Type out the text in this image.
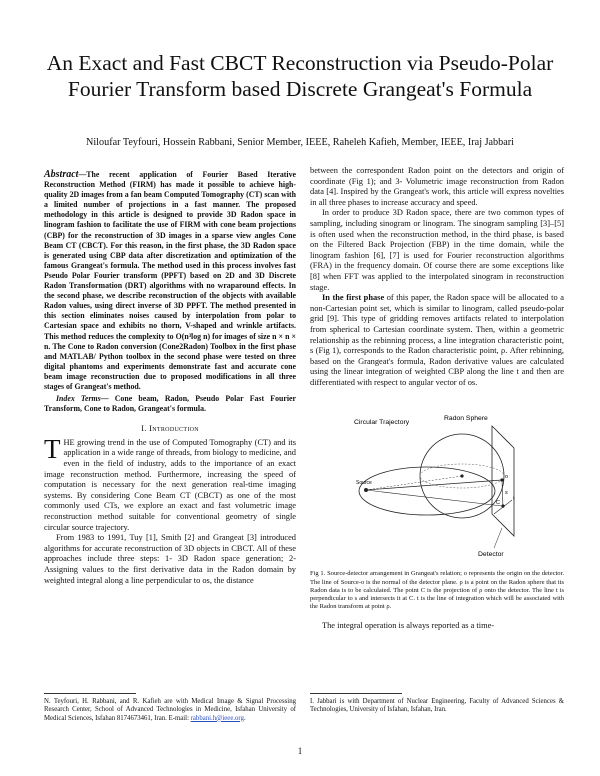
An Exact and Fast CBCT Reconstruction via Pseudo-Polar Fourier Transform based Discrete Grangeat's Formula
Niloufar Teyfouri, Hossein Rabbani, Senior Member, IEEE, Raheleh Kafieh, Member, IEEE, Iraj Jabbari

Abstract—The recent application of Fourier Based Iterative Reconstruction Method (FIRM) has made it possible to achieve high-quality 2D images from a fan beam Computed Tomography (CT) scan with a limited number of projections in a fast manner. The proposed methodology in this article is designed to provide 3D Radon space in linogram fashion to facilitate the use of FIRM with cone beam projections (CBP) for the reconstruction of 3D images in a sparse view angles Cone Beam CT (CBCT). For this reason, in the first phase, the 3D Radon space is generated using CBP data after discretization and optimization of the famous Grangeat's formula. The method used in this process involves fast Pseudo Polar Fourier transform (PPFT) based on 2D and 3D Discrete Radon Transformation (DRT) algorithms with no wraparound effects. In the second phase, we describe reconstruction of the objects with available Radon values, using direct inverse of 3D PPFT. The method presented in this section eliminates noises caused by interpolation from polar to Cartesian space and exhibits no thorn, V-shaped and wrinkle artifacts. This method reduces the complexity to O(n³log n) for images of size n × n × n. The Cone to Radon conversion (Cone2Radon) Toolbox in the first phase and MATLAB/ Python toolbox in the second phase were tested on three digital phantoms and experiments demonstrate fast and accurate cone beam image reconstruction due to proposed modifications in all three stages of Grangeat's method.

Index Terms— Cone beam, Radon, Pseudo Polar Fast Fourier Transform, Cone to Radon, Grangeat's formula.

I. Introduction

THE growing trend in the use of Computed Tomography (CT) and its application in a wide range of threads, from biology to medicine, and even in the field of industry, adds to the importance of an exact image reconstruction method. Furthermore, increasing the speed of computation is necessary for the next generation real-time imaging systems. By considering Cone Beam CT (CBCT) as one of the most commonly used CTs, we explore an exact and fast volumetric image reconstruction method suitable for conventional geometry of single circular source trajectory.

From 1983 to 1991, Tuy [1], Smith [2] and Grangeat [3] introduced algorithms for accurate reconstruction of 3D objects in CBCT. All of these approaches include three steps: 1- 3D Radon space generation; 2- Assigning values to the first derivative data in the Radon domain by weighted integral along a line perpendicular to os, the distance

between the correspondent Radon point on the detectors and origin of coordinate (Fig 1); and 3- Volumetric image reconstruction from Radon data [4]. Inspired by the Grangeat's work, this article will express novelties in all three phases to increase accuracy and speed.

In order to produce 3D Radon space, there are two common types of sampling, including sinogram or linogram. The sinogram sampling [3]–[5] is often used when the reconstruction method, in the third phase, is based on the Filtered Back Projection (FBP) in the time domain, while the linogram fashion [6], [7] is used for Fourier reconstruction algorithms (FRA) in the frequency domain. Of course there are some exceptions like [8] when FFT was applied to the interpolated sinogram in reconstruction stage.

In the first phase of this paper, the Radon space will be allocated to a non-Cartesian point set, which is similar to linogram, called pseudo-polar grid [9]. This type of gridding removes artifacts related to interpolation from spherical to Cartesian coordinate system. Then, within a geometric relationship as the rebinning process, a line integration characteristic point, s (Fig 1), corresponds to the Radon characteristic point, ρ. After rebinning, based on the Grangeat's formula, Radon derivative values are calculated using the linear integration of weighted CBP along the line t and then are differentiated with respect to angular vector of os.

Circular Trajectory
Radon Sphere
Source
Detector
o
C
s
t

Fig 1. Source-detector arrangement in Grangeat's relation; o represents the origin on the detector. The line of Source-o is the normal of the detector plane. ρ is a point on the Radon sphere that its Radon data is to be calculated. The point C is the projection of ρ onto the detector. The line t is perpendicular to s and intersects it at C. t is the line of integration which will be associated with the Radon transform at point ρ.

The integral operation is always reported as a time-

N. Teyfouri, H. Rabbani, and R. Kafieh are with Medical Image & Signal Processing Research Center, School of Advanced Technologies in Medicine, Isfahan University of Medical Sciences, Isfahan 8174673461, Iran. E-mail: rabbani.h@ieee.org.
I. Jabbari is with Department of Nuclear Engineering, Faculty of Advanced Sciences & Technologies, University of Isfahan, Isfahan, Iran.
1
